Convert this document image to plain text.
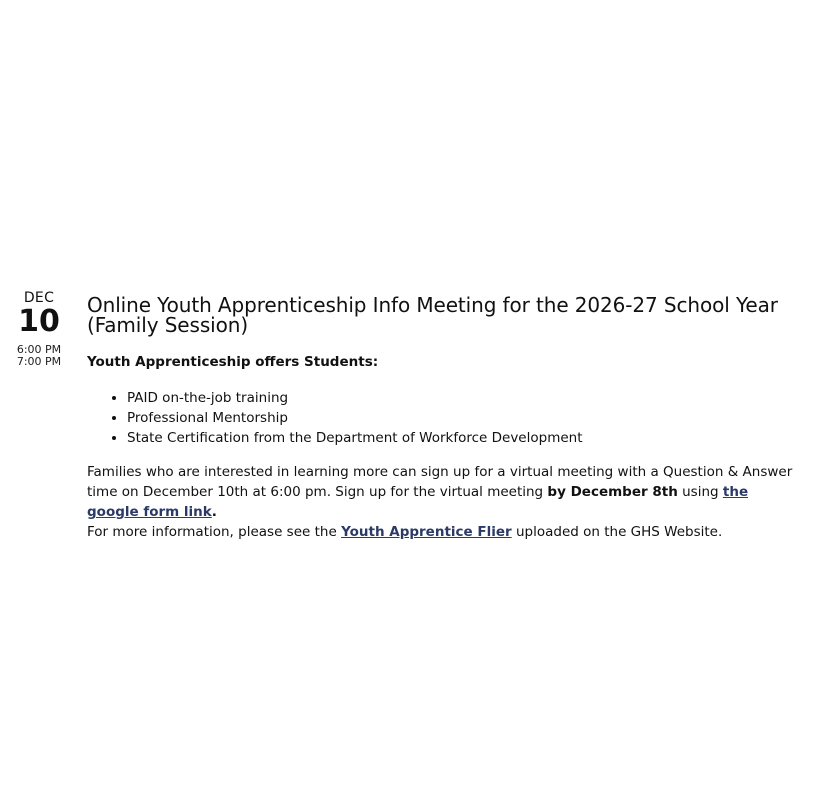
DEC
10
6:00 PM
7:00 PM
Online Youth Apprenticeship Info Meeting for the 2026-27 School Year (Family Session)

Youth Apprenticeship offers Students:

• PAID on-the-job training
• Professional Mentorship
• State Certification from the Department of Workforce Development

Families who are interested in learning more can sign up for a virtual meeting with a Question & Answer time on December 10th at 6:00 pm. Sign up for the virtual meeting by December 8th using the google form link.

For more information, please see the Youth Apprentice Flier uploaded on the GHS Website.
